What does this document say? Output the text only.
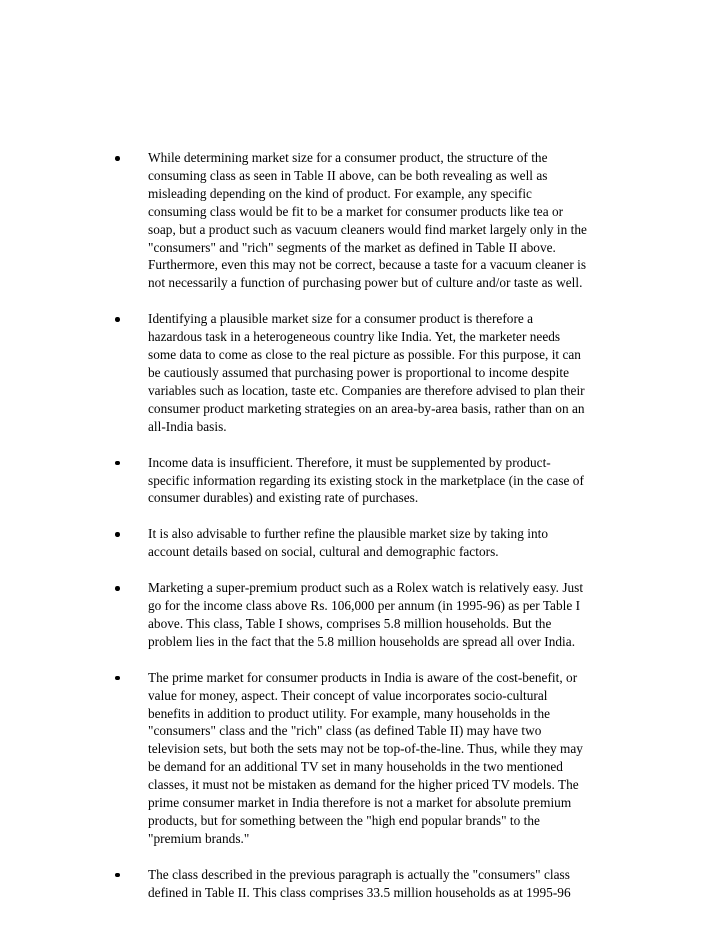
While determining market size for a consumer product, the structure of the
consuming class as seen in Table II above, can be both revealing as well as
misleading depending on the kind of product. For example, any specific
consuming class would be fit to be a market for consumer products like tea or
soap, but a product such as vacuum cleaners would find market largely only in the
"consumers" and "rich" segments of the market as defined in Table II above.
Furthermore, even this may not be correct, because a taste for a vacuum cleaner is
not necessarily a function of purchasing power but of culture and/or taste as well.
Identifying a plausible market size for a consumer product is therefore a
hazardous task in a heterogeneous country like India. Yet, the marketer needs
some data to come as close to the real picture as possible. For this purpose, it can
be cautiously assumed that purchasing power is proportional to income despite
variables such as location, taste etc. Companies are therefore advised to plan their
consumer product marketing strategies on an area-by-area basis, rather than on an
all-India basis.
Income data is insufficient. Therefore, it must be supplemented by product-
specific information regarding its existing stock in the marketplace (in the case of
consumer durables) and existing rate of purchases.
It is also advisable to further refine the plausible market size by taking into
account details based on social, cultural and demographic factors.
Marketing a super-premium product such as a Rolex watch is relatively easy. Just
go for the income class above Rs. 106,000 per annum (in 1995-96) as per Table I
above. This class, Table I shows, comprises 5.8 million households. But the
problem lies in the fact that the 5.8 million households are spread all over India.
The prime market for consumer products in India is aware of the cost-benefit, or
value for money, aspect. Their concept of value incorporates socio-cultural
benefits in addition to product utility. For example, many households in the
"consumers" class and the "rich" class (as defined Table II) may have two
television sets, but both the sets may not be top-of-the-line. Thus, while they may
be demand for an additional TV set in many households in the two mentioned
classes, it must not be mistaken as demand for the higher priced TV models. The
prime consumer market in India therefore is not a market for absolute premium
products, but for something between the "high end popular brands" to the
"premium brands."
The class described in the previous paragraph is actually the "consumers" class
defined in Table II. This class comprises 33.5 million households as at 1995-96
